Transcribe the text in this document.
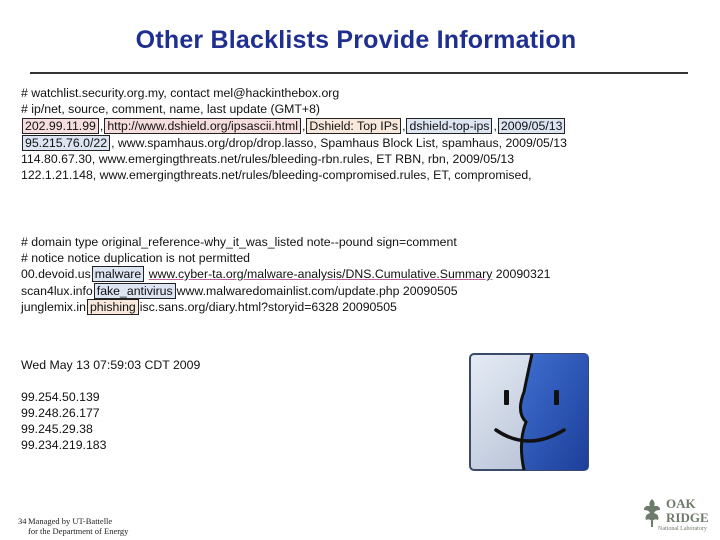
Other Blacklists Provide Information
# watchlist.security.org.my, contact mel@hackinthebox.org
# ip/net, source, comment, name, last update (GMT+8)
202.99.11.99 , http://www.dshield.org/ipsascii.html , Dshield: Top IPs , dshield-top-ips , 2009/05/13
95.215.76.0/22 , www.spamhaus.org/drop/drop.lasso, Spamhaus Block List, spamhaus, 2009/05/13
114.80.67.30, www.emergingthreats.net/rules/bleeding-rbn.rules, ET RBN, rbn, 2009/05/13
122.1.21.148, www.emergingthreats.net/rules/bleeding-compromised.rules, ET, compromised,
# domain type original_reference-why_it_was_listed note--pound sign=comment
# notice notice duplication is not permitted
00.devoid.us malware www.cyber-ta.org/malware-analysis/DNS.Cumulative.Summary 20090321
scan4lux.info fake_antivirus www.malwaredomainlist.com/update.php 20090505
junglemix.in phishing isc.sans.org/diary.html?storyid=6328 20090505
Wed May 13 07:59:03 CDT 2009
99.254.50.139
99.248.26.177
99.245.29.38
99.234.219.183
34 Managed by UT-Battelle
for the Department of Energy
OAK
RIDGE
National Laboratory
